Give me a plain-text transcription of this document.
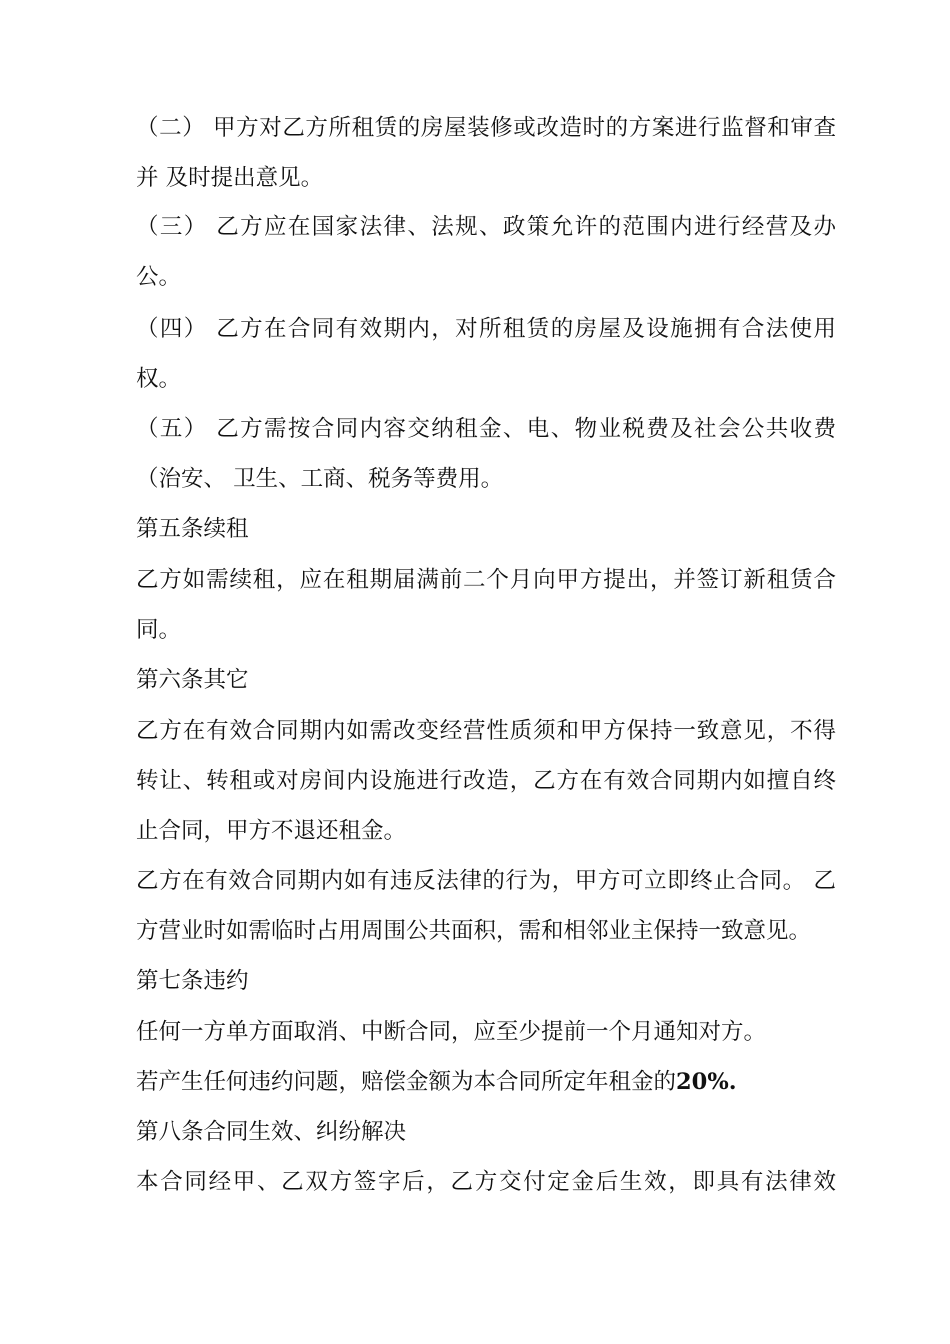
（二） 甲方对乙方所租赁的房屋装修或改造时的方案进行监督和审查
并 及时提出意见。
（三） 乙方应在国家法律、法规、政策允许的范围内进行经营及办
公。
（四） 乙方在合同有效期内，对所租赁的房屋及设施拥有合法使用
权。
（五） 乙方需按合同内容交纳租金、电、物业税费及社会公共收费
（治安、 卫生、工商、税务等费用。
第五条续租
乙方如需续租，应在租期届满前二个月向甲方提出，并签订新租赁合
同。
第六条其它
乙方在有效合同期内如需改变经营性质须和甲方保持一致意见，不得
转让、转租或对房间内设施进行改造，乙方在有效合同期内如擅自终
止合同，甲方不退还租金。
乙方在有效合同期内如有违反法律的行为，甲方可立即终止合同。 乙
方营业时如需临时占用周围公共面积，需和相邻业主保持一致意见。
第七条违约
任何一方单方面取消、中断合同，应至少提前一个月通知对方。
若产生任何违约问题，赔偿金额为本合同所定年租金的20%.
第八条合同生效、纠纷解决
本合同经甲、乙双方签字后，乙方交付定金后生效，即具有法律效
